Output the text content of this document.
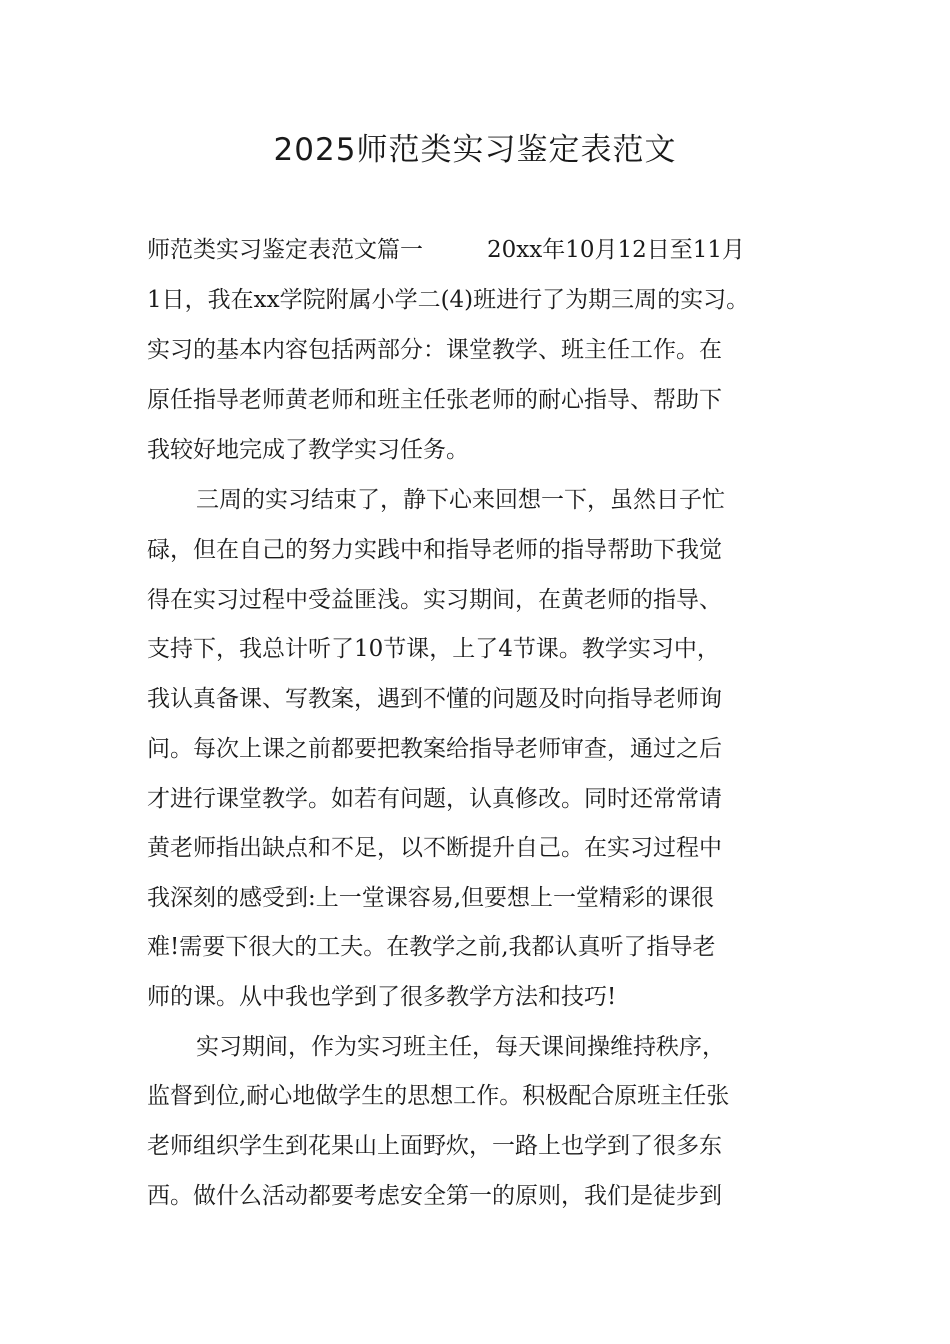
2025师范类实习鉴定表范文
师范类实习鉴定表范文篇一	20xx年10月12日至11月
1日，我在xx学院附属小学二(4)班进行了为期三周的实习。
实习的基本内容包括两部分：课堂教学、班主任工作。在
原任指导老师黄老师和班主任张老师的耐心指导、帮助下
我较好地完成了教学实习任务。
三周的实习结束了，静下心来回想一下，虽然日子忙
碌，但在自己的努力实践中和指导老师的指导帮助下我觉
得在实习过程中受益匪浅。实习期间，在黄老师的指导、
支持下，我总计听了10节课，上了4节课。教学实习中，
我认真备课、写教案，遇到不懂的问题及时向指导老师询
问。每次上课之前都要把教案给指导老师审查，通过之后
才进行课堂教学。如若有问题，认真修改。同时还常常请
黄老师指出缺点和不足，以不断提升自己。在实习过程中
我深刻的感受到:上一堂课容易,但要想上一堂精彩的课很
难!需要下很大的工夫。在教学之前,我都认真听了指导老
师的课。从中我也学到了很多教学方法和技巧!
实习期间，作为实习班主任，每天课间操维持秩序，
监督到位,耐心地做学生的思想工作。积极配合原班主任张
老师组织学生到花果山上面野炊，一路上也学到了很多东
西。做什么活动都要考虑安全第一的原则，我们是徒步到
